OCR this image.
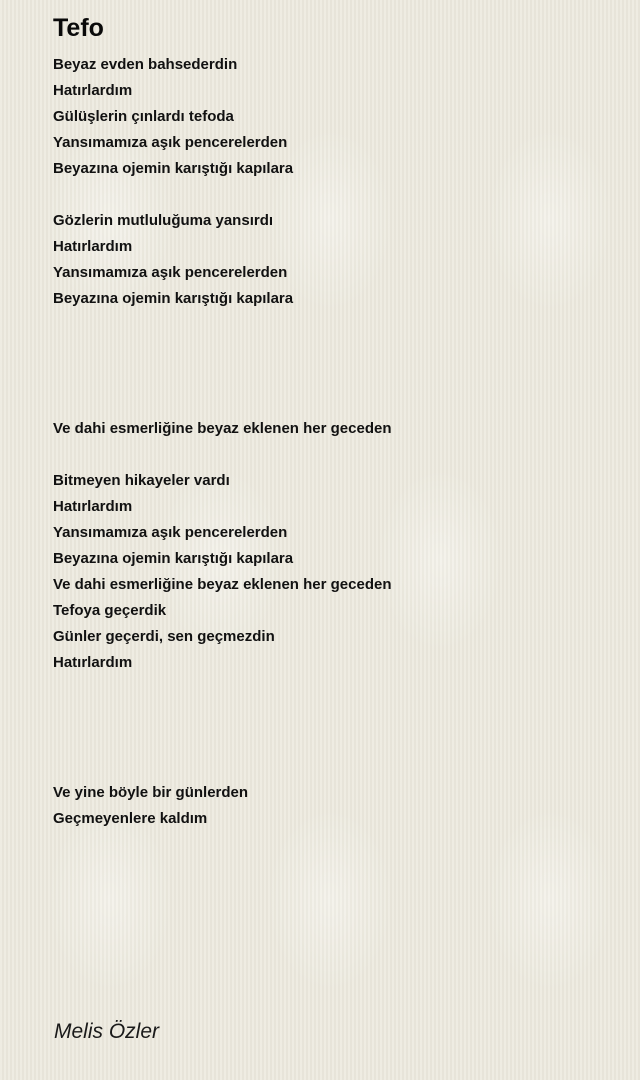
Tefo
Beyaz evden bahsederdin
Hatırlardım
Gülüşlerin çınlardı tefoda
Yansımamıza aşık pencerelerden
Beyazına ojemin karıştığı kapılara
Gözlerin mutluluğuma yansırdı
Hatırlardım
Yansımamıza aşık pencerelerden
Beyazına ojemin karıştığı kapılara
Ve dahi esmerliğine beyaz eklenen her geceden
Bitmeyen hikayeler vardı
Hatırlardım
Yansımamıza aşık pencerelerden
Beyazına ojemin karıştığı kapılara
Ve dahi esmerliğine beyaz eklenen her geceden
Tefoya geçerdik
Günler geçerdi, sen geçmezdin
Hatırlardım
Ve yine böyle bir günlerden
Geçmeyenlere kaldım
Melis Özler
